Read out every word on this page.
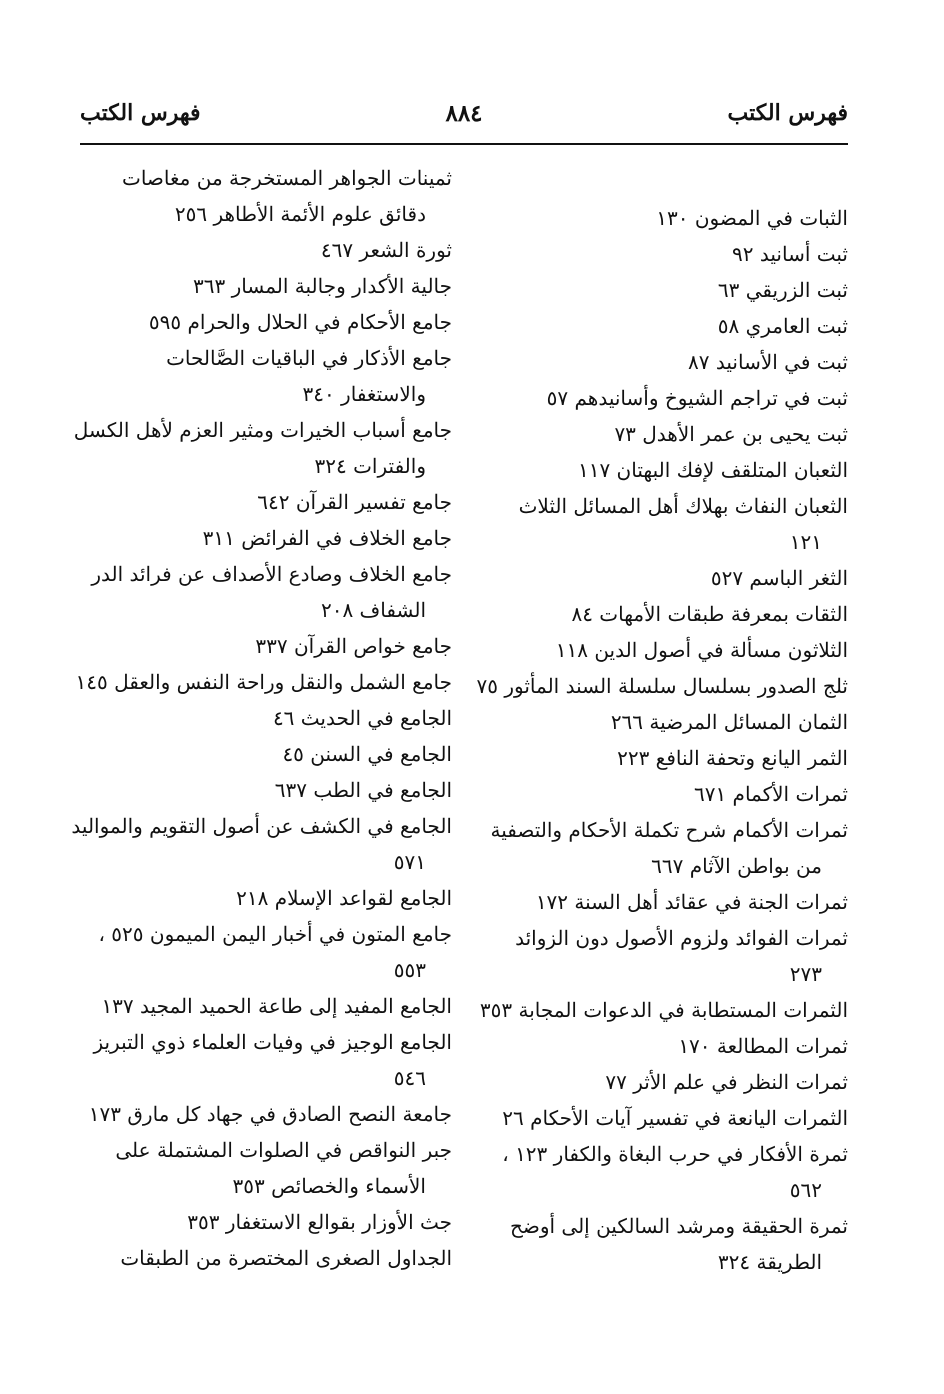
فهرس الكتب
٨٨٤
فهرس الكتب
الثبات في المضون ١٣٠
ثبت أسانيد ٩٢
ثبت الزريقي ٦٣
ثبت العامري ٥٨
ثبت في الأسانيد ٨٧
ثبت في تراجم الشيوخ وأسانيدهم ٥٧
ثبت يحيى بن عمر الأهدل ٧٣
الثعبان المتلقف لإفك البهتان ١١٧
الثعبان النفاث بهلاك أهل المسائل الثلاث
١٢١
الثغر الباسم ٥٢٧
الثقات بمعرفة طبقات الأمهات ٨٤
الثلاثون مسألة في أصول الدين ١١٨
ثلج الصدور بسلسال سلسلة السند المأثور ٧٥
الثمان المسائل المرضية ٢٦٦
الثمر اليانع وتحفة النافع ٢٢٣
ثمرات الأكمام ٦٧١
ثمرات الأكمام شرح تكملة الأحكام والتصفية
من بواطن الآثام ٦٦٧
ثمرات الجنة في عقائد أهل السنة ١٧٢
ثمرات الفوائد ولزوم الأصول دون الزوائد
٢٧٣
الثمرات المستطابة في الدعوات المجابة ٣٥٣
ثمرات المطالعة ١٧٠
ثمرات النظر في علم الأثر ٧٧
الثمرات اليانعة في تفسير آيات الأحكام ٢٦
ثمرة الأفكار في حرب البغاة والكفار ١٢٣ ،
٥٦٢
ثمرة الحقيقة ومرشد السالكين إلى أوضح
الطريقة ٣٢٤
ثمينات الجواهر المستخرجة من مغاصات
دقائق علوم الأئمة الأطاهر ٢٥٦
ثورة الشعر ٤٦٧
جالية الأكدار وجالبة المسار ٣٦٣
جامع الأحكام في الحلال والحرام ٥٩٥
جامع الأذكار في الباقيات الصَّالحات
والاستغفار ٣٤٠
جامع أسباب الخيرات ومثير العزم لأهل الكسل
والفترات ٣٢٤
جامع تفسير القرآن ٦٤٢
جامع الخلاف في الفرائض ٣١١
جامع الخلاف وصادع الأصداف عن فرائد الدر
الشفاف ٢٠٨
جامع خواص القرآن ٣٣٧
جامع الشمل والنقل وراحة النفس والعقل ١٤٥
الجامع في الحديث ٤٦
الجامع في السنن ٤٥
الجامع في الطب ٦٣٧
الجامع في الكشف عن أصول التقويم والمواليد
٥٧١
الجامع لقواعد الإسلام ٢١٨
جامع المتون في أخبار اليمن الميمون ٥٢٥ ،
٥٥٣
الجامع المفيد إلى طاعة الحميد المجيد ١٣٧
الجامع الوجيز في وفيات العلماء ذوي التبريز
٥٤٦
جامعة النصح الصادق في جهاد كل مارق ١٧٣
جبر النواقص في الصلوات المشتملة على
الأسماء والخصائص ٣٥٣
جث الأوزار بقوالع الاستغفار ٣٥٣
الجداول الصغرى المختصرة من الطبقات
